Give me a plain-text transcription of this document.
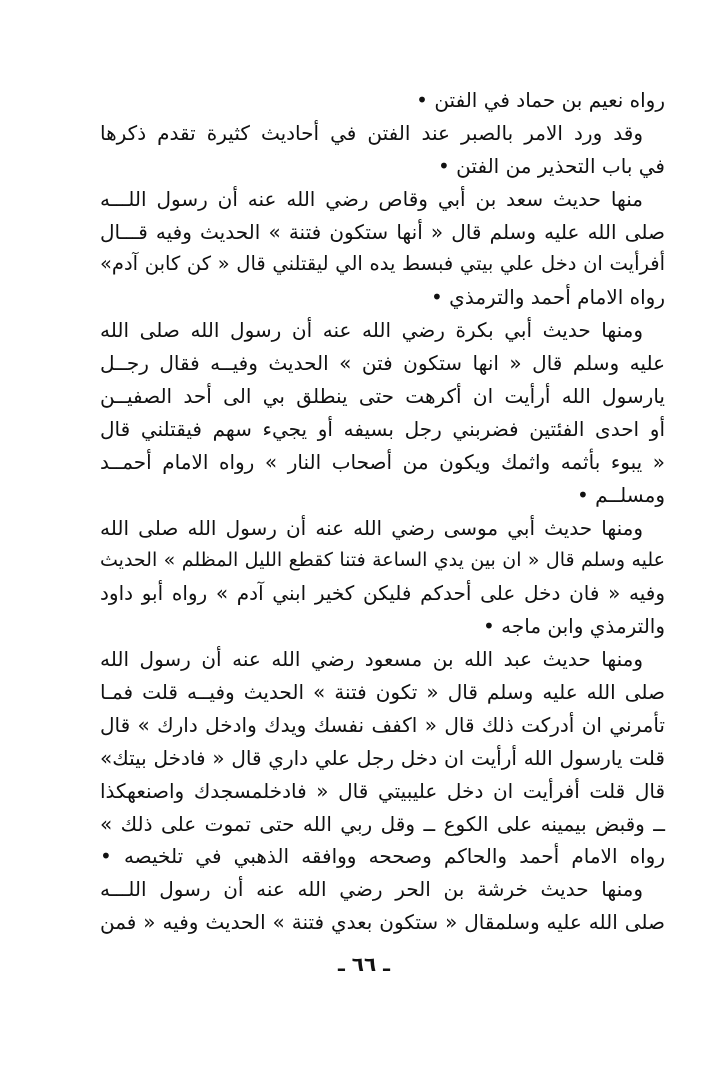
رواه نعيم بن حماد في الفتن •
وقد ورد الامر بالصبر عند الفتن في أحاديث كثيرة تقدم ذكرها
في باب التحذير من الفتن •
منها حديث سعد بن أبي وقاص رضي الله عنه أن رسول اللـــه
صلى الله عليه وسلم قال « أنها ستكون فتنة » الحديث وفيه قـــال
أفرأيت ان دخل علي بيتي فبسط يده الي ليقتلني قال « كن كابن آدم»
رواه الامام أحمد والترمذي •
ومنها حديث أبي بكرة رضي الله عنه أن رسول الله صلى الله
عليه وسلم قال « انها ستكون فتن » الحديث وفيــه فقال رجــل
يارسول الله أرأيت ان أكرهت حتى ينطلق بي الى أحد الصفيــن
أو احدى الفئتين فضربني رجل بسيفه أو يجيء سهم فيقتلني قال
« يبوء بأثمه واثمك ويكون من أصحاب النار » رواه الامام أحمــد
ومسلــم •
ومنها حديث أبي موسى رضي الله عنه أن رسول الله صلى الله
عليه وسلم قال « ان بين يدي الساعة فتنا كقطع الليل المظلم » الحديث
وفيه « فان دخل على أحدكم فليكن كخير ابني آدم » رواه أبو داود
والترمذي وابن ماجه •
ومنها حديث عبد الله بن مسعود رضي الله عنه أن رسول الله
صلى الله عليه وسلم قال « تكون فتنة » الحديث وفيــه قلت فمـا
تأمرني ان أدركت ذلك قال « اكفف نفسك ويدك وادخل دارك » قال
قلت يارسول الله أرأيت ان دخل رجل علي داري قال « فادخل بيتك»
قال قلت أفرأيت ان دخل عليبيتي قال « فادخلمسجدك واصنعهكذا
ــ وقبض بيمينه على الكوع ــ وقل ربي الله حتى تموت على ذلك »
رواه الامام أحمد والحاكم وصححه ووافقه الذهبي في تلخيصه •
ومنها حديث خرشة بن الحر رضي الله عنه أن رسول اللـــه
صلى الله عليه وسلمقال « ستكون بعدي فتنة » الحديث وفيه « فمن
ـ ٦٦ ـ
